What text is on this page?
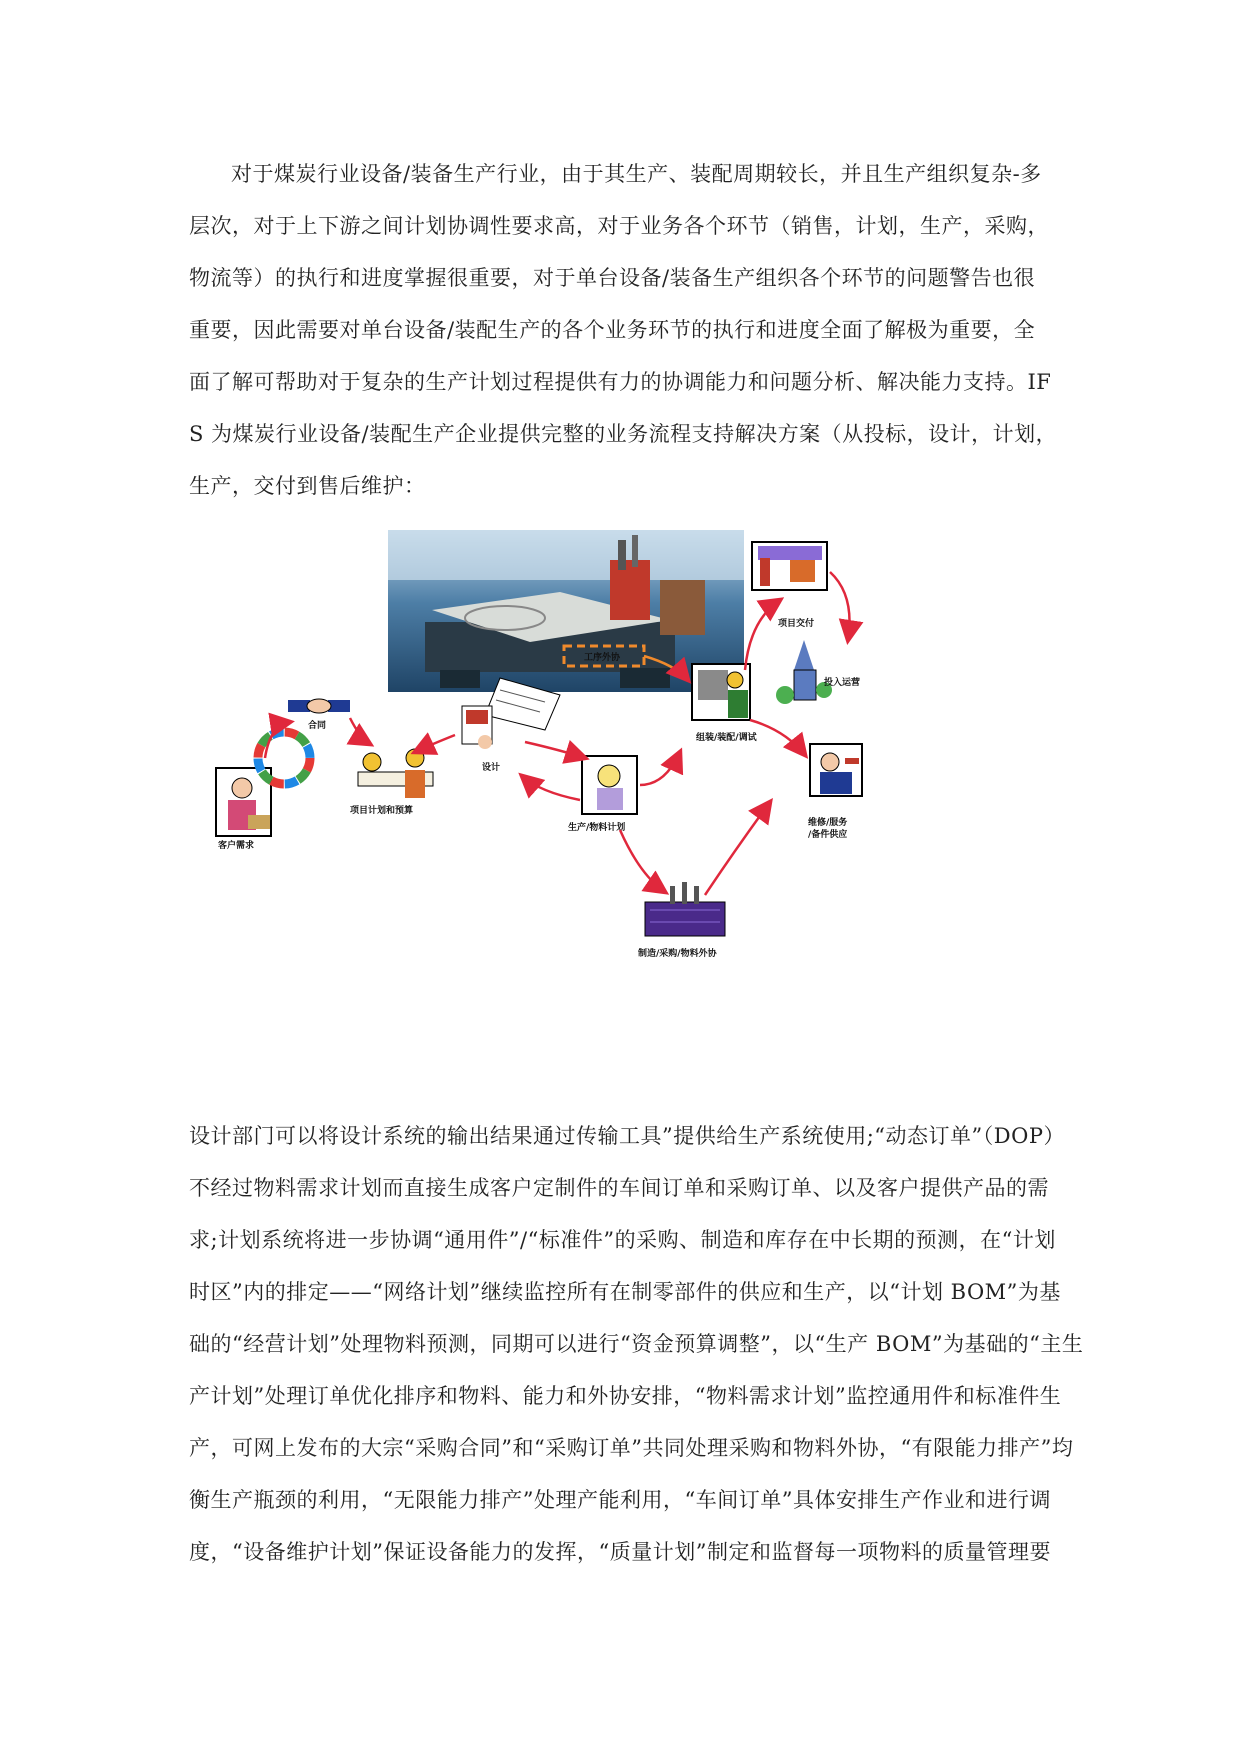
对于煤炭行业设备/装备生产行业，由于其生产、装配周期较长，并且生产组织复杂-多
层次，对于上下游之间计划协调性要求高，对于业务各个环节（销售，计划，生产，采购，
物流等）的执行和进度掌握很重要，对于单台设备/装备生产组织各个环节的问题警告也很
重要，因此需要对单台设备/装配生产的各个业务环节的执行和进度全面了解极为重要，全
面了解可帮助对于复杂的生产计划过程提供有力的协调能力和问题分析、解决能力支持。IF
S 为煤炭行业设备/装配生产企业提供完整的业务流程支持解决方案（从投标，设计，计划，
生产，交付到售后维护：
客户需求
合同
项目计划和预算
设计
生产/物料计划
制造/采购/物料外协
工序外协
组装/装配/调试
项目交付
投入运营
维修/服务
/备件供应
设计部门可以将设计系统的输出结果通过传输工具”提供给生产系统使用;“动态订单”（DOP）
不经过物料需求计划而直接生成客户定制件的车间订单和采购订单、以及客户提供产品的需
求;计划系统将进一步协调“通用件”/“标准件”的采购、制造和库存在中长期的预测，在“计划
时区”内的排定——“网络计划”继续监控所有在制零部件的供应和生产，以“计划 BOM”为基
础的“经营计划”处理物料预测，同期可以进行“资金预算调整”，以“生产 BOM”为基础的“主生
产计划”处理订单优化排序和物料、能力和外协安排，“物料需求计划”监控通用件和标准件生
产，可网上发布的大宗“采购合同”和“采购订单”共同处理采购和物料外协，“有限能力排产”均
衡生产瓶颈的利用，“无限能力排产”处理产能利用，“车间订单”具体安排生产作业和进行调
度，“设备维护计划”保证设备能力的发挥，“质量计划”制定和监督每一项物料的质量管理要
